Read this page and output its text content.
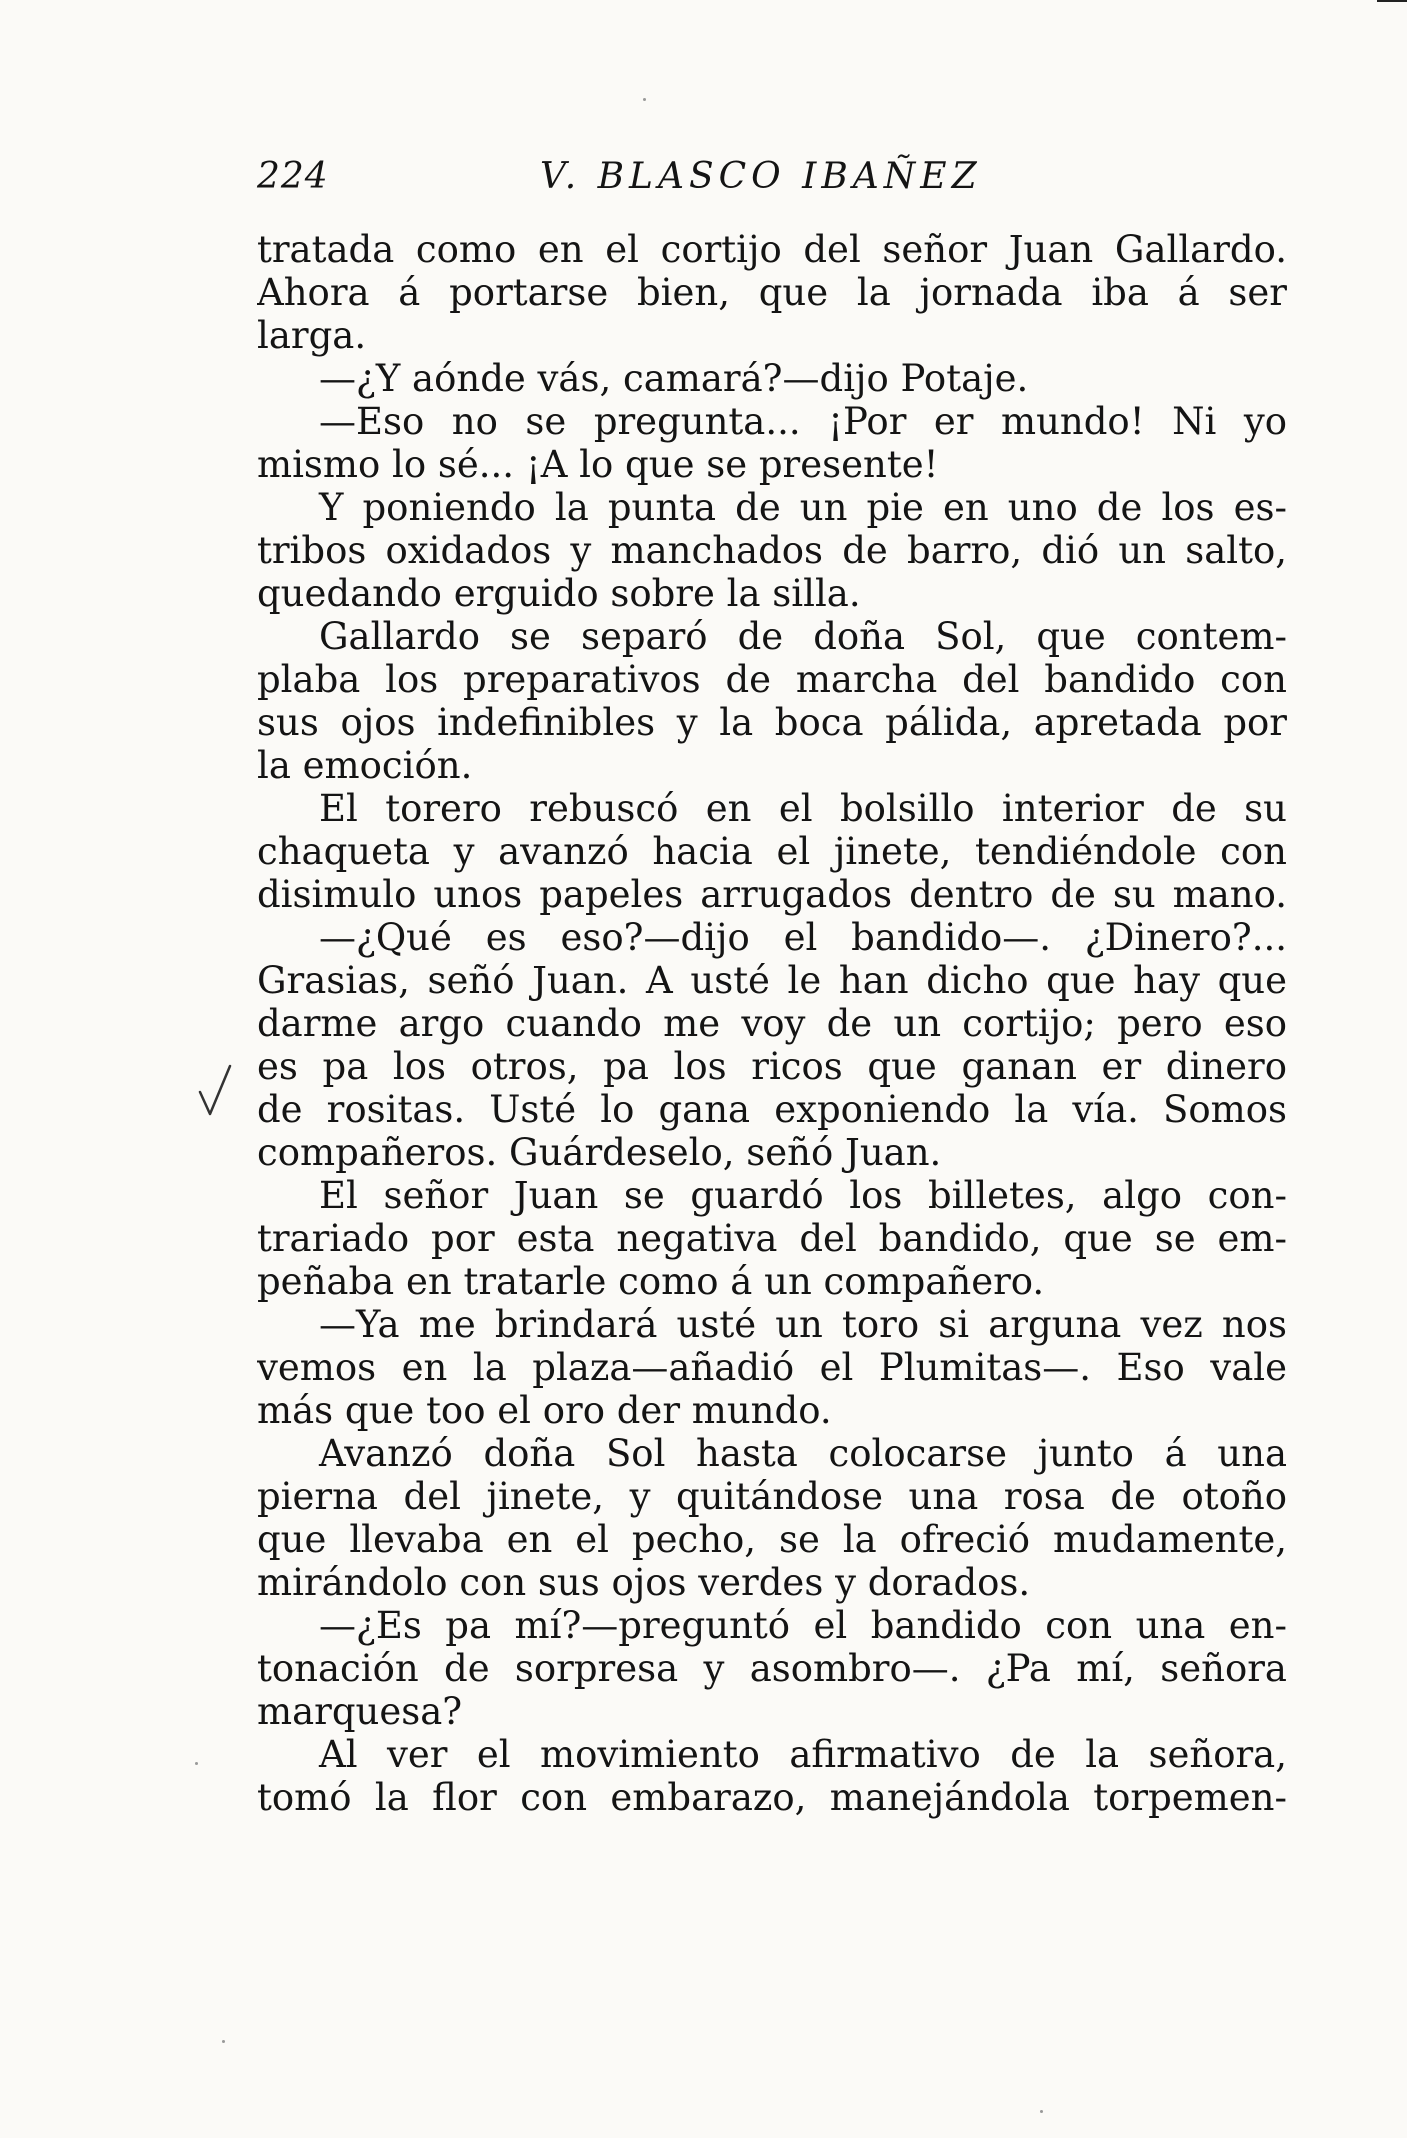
224	V. BLASCO IBAÑEZ
tratada como en el cortijo del señor Juan Gallardo.
Ahora á portarse bien, que la jornada iba á ser
larga.
—¿Y aónde vás, camará?—dijo Potaje.
—Eso no se pregunta... ¡Por er mundo! Ni yo
mismo lo sé... ¡A lo que se presente!
Y poniendo la punta de un pie en uno de los es-
tribos oxidados y manchados de barro, dió un salto,
quedando erguido sobre la silla.
Gallardo se separó de doña Sol, que contem-
plaba los preparativos de marcha del bandido con
sus ojos indefinibles y la boca pálida, apretada por
la emoción.
El torero rebuscó en el bolsillo interior de su
chaqueta y avanzó hacia el jinete, tendiéndole con
disimulo unos papeles arrugados dentro de su mano.
—¿Qué es eso?—dijo el bandido—. ¿Dinero?...
Grasias, señó Juan. A usté le han dicho que hay que
darme argo cuando me voy de un cortijo; pero eso
es pa los otros, pa los ricos que ganan er dinero
de rositas. Usté lo gana exponiendo la vía. Somos
compañeros. Guárdeselo, señó Juan.
El señor Juan se guardó los billetes, algo con-
trariado por esta negativa del bandido, que se em-
peñaba en tratarle como á un compañero.
—Ya me brindará usté un toro si arguna vez nos
vemos en la plaza—añadió el Plumitas—. Eso vale
más que too el oro der mundo.
Avanzó doña Sol hasta colocarse junto á una
pierna del jinete, y quitándose una rosa de otoño
que llevaba en el pecho, se la ofreció mudamente,
mirándolo con sus ojos verdes y dorados.
—¿Es pa mí?—preguntó el bandido con una en-
tonación de sorpresa y asombro—. ¿Pa mí, señora
marquesa?
Al ver el movimiento afirmativo de la señora,
tomó la flor con embarazo, manejándola torpemen-
